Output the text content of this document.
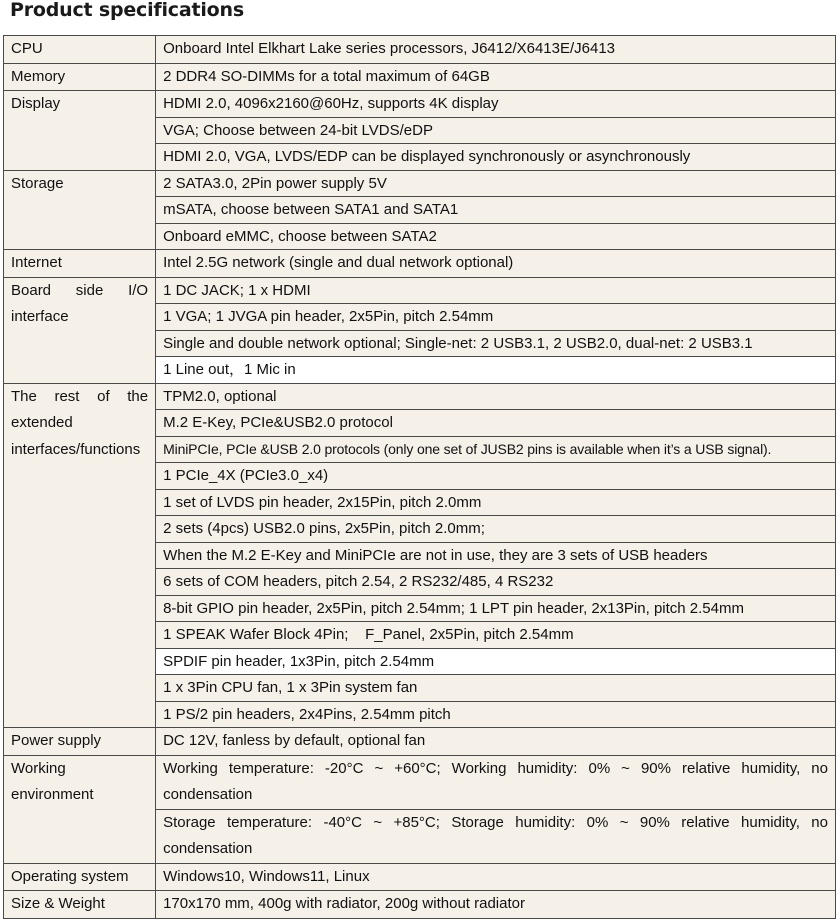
Product specifications
CPU	Onboard Intel Elkhart Lake series processors, J6412/X6413E/J6413

Memory	2 DDR4 SO-DIMMs for a total maximum of 64GB

Display	HDMI 2.0, 4096x2160@60Hz, supports 4K display
	VGA; Choose between 24-bit LVDS/eDP
	HDMI 2.0, VGA, LVDS/EDP can be displayed synchronously or asynchronously

Storage	2 SATA3.0, 2Pin power supply 5V
	mSATA, choose between SATA1 and SATA1
	Onboard eMMC, choose between SATA2

Internet	Intel 2.5G network (single and dual network optional)

Board side I/O interface	1 DC JACK; 1 x HDMI
	1 VGA; 1 JVGA pin header, 2x5Pin, pitch 2.54mm
	Single and double network optional; Single-net: 2 USB3.1, 2 USB2.0, dual-net: 2 USB3.1
	1 Line out，1 Mic in

The rest of the extended interfaces/functions	TPM2.0, optional
	M.2 E-Key, PCIe&USB2.0 protocol
	MiniPCIe, PCIe &USB 2.0 protocols (only one set of JUSB2 pins is available when it’s a USB signal).
	1 PCIe_4X (PCIe3.0_x4)
	1 set of LVDS pin header, 2x15Pin, pitch 2.0mm
	2 sets (4pcs) USB2.0 pins, 2x5Pin, pitch 2.0mm;
	When the M.2 E-Key and MiniPCIe are not in use, they are 3 sets of USB headers
	6 sets of COM headers, pitch 2.54, 2 RS232/485, 4 RS232
	8-bit GPIO pin header, 2x5Pin, pitch 2.54mm; 1 LPT pin header, 2x13Pin, pitch 2.54mm
	1 SPEAK Wafer Block 4Pin;    F_Panel, 2x5Pin, pitch 2.54mm
	SPDIF pin header, 1x3Pin, pitch 2.54mm
	1 x 3Pin CPU fan, 1 x 3Pin system fan
	1 PS/2 pin headers, 2x4Pins, 2.54mm pitch

Power supply	DC 12V, fanless by default, optional fan

Working environment	Working temperature: -20°C ~ +60°C; Working humidity: 0% ~ 90% relative humidity, no condensation
	Storage temperature: -40°C ~ +85°C; Storage humidity: 0% ~ 90% relative humidity, no condensation

Operating system	Windows10, Windows11, Linux

Size & Weight	170x170 mm, 400g with radiator, 200g without radiator
